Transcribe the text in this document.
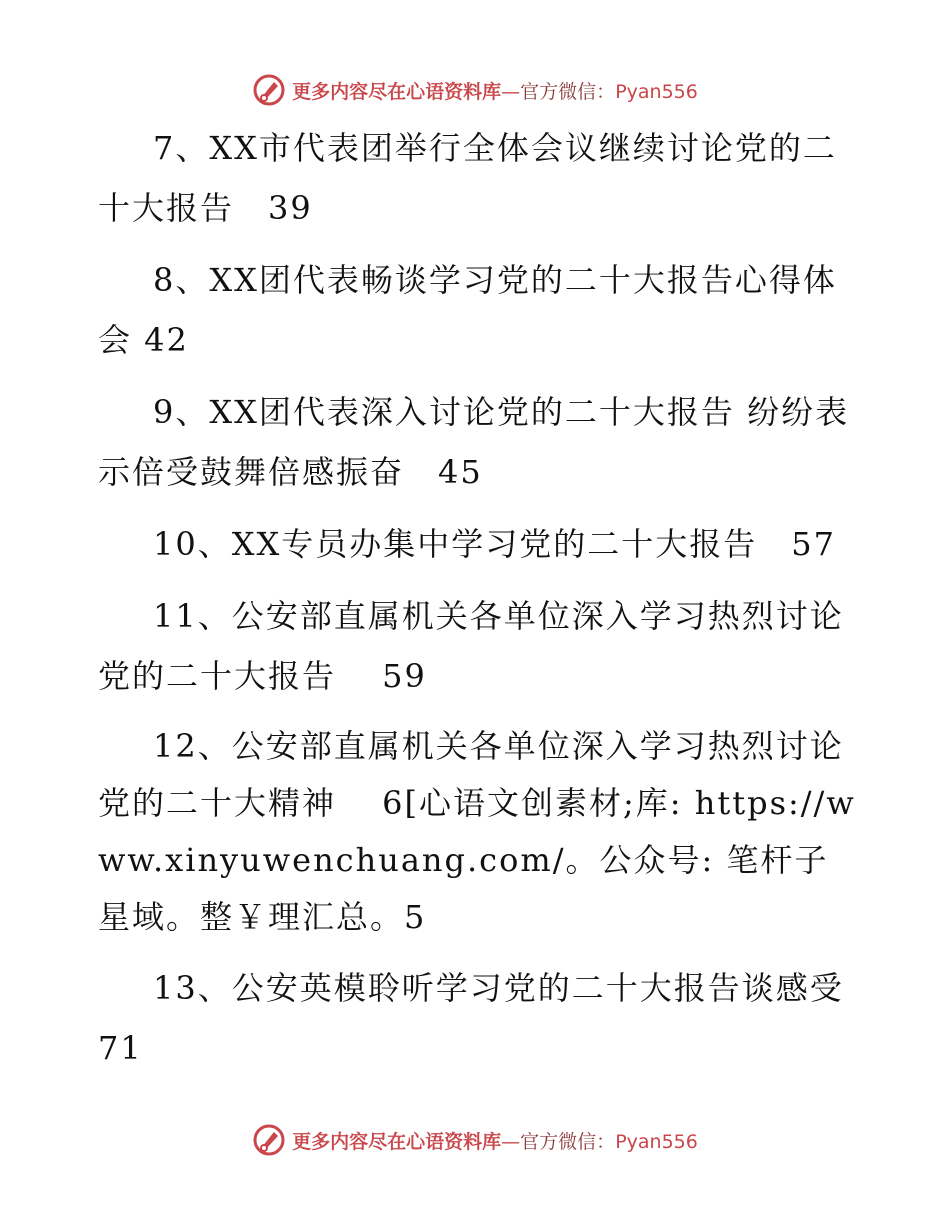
更多内容尽在心语资料库—官方微信：Pyan556

7、XX市代表团举行全体会议继续讨论党的二十大报告　39

8、XX团代表畅谈学习党的二十大报告心得体会 42

9、XX团代表深入讨论党的二十大报告 纷纷表示倍受鼓舞倍感振奋　45

10、XX专员办集中学习党的二十大报告　57

11、公安部直属机关各单位深入学习热烈讨论党的二十大报告　 59

12、公安部直属机关各单位深入学习热烈讨论党的二十大精神　 6[心语文创素材;库: https://www.xinyuwenchuang.com/。公众号: 笔杆子星域。整￥理汇总。5

13、公安英模聆听学习党的二十大报告谈感受 71

更多内容尽在心语资料库—官方微信：Pyan556
